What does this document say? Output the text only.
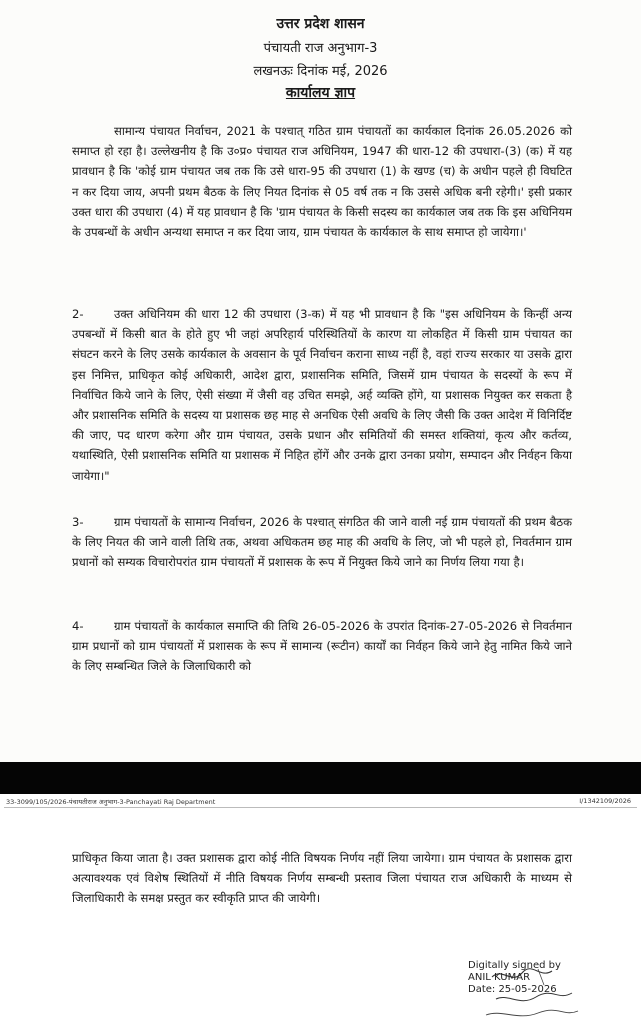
उत्तर प्रदेश शासन
पंचायती राज अनुभाग-3
लखनऊः दिनांक मई, 2026
कार्यालय ज्ञाप
सामान्य पंचायत निर्वाचन, 2021 के पश्चात् गठित ग्राम पंचायतों का कार्यकाल दिनांक 26.05.2026 को समाप्त हो रहा है। उल्लेखनीय है कि उ०प्र० पंचायत राज अधिनियम, 1947 की धारा-12 की उपधारा-(3) (क) में यह प्रावधान है कि 'कोई ग्राम पंचायत जब तक कि उसे धारा-95 की उपधारा (1) के खण्ड (च) के अधीन पहले ही विघटित न कर दिया जाय, अपनी प्रथम बैठक के लिए नियत दिनांक से 05 वर्ष तक न कि उससे अधिक बनी रहेगी।' इसी प्रकार उक्त धारा की उपधारा (4) में यह प्रावधान है कि 'ग्राम पंचायत के किसी सदस्य का कार्यकाल जब तक कि इस अधिनियम के उपबन्धों के अधीन अन्यथा समाप्त न कर दिया जाय, ग्राम पंचायत के कार्यकाल के साथ समाप्त हो जायेगा।'
2-	उक्त अधिनियम की धारा 12 की उपधारा (3-क) में यह भी प्रावधान है कि "इस अधिनियम के किन्हीं अन्य उपबन्धों में किसी बात के होते हुए भी जहां अपरिहार्य परिस्थितियों के कारण या लोकहित में किसी ग्राम पंचायत का संघटन करने के लिए उसके कार्यकाल के अवसान के पूर्व निर्वाचन कराना साध्य नहीं है, वहां राज्य सरकार या उसके द्वारा इस निमित्त, प्राधिकृत कोई अधिकारी, आदेश द्वारा, प्रशासनिक समिति, जिसमें ग्राम पंचायत के सदस्यों के रूप में निर्वाचित किये जाने के लिए, ऐसी संख्या में जैसी वह उचित समझे, अर्ह व्यक्ति होंगे, या प्रशासक नियुक्त कर सकता है और प्रशासनिक समिति के सदस्य या प्रशासक छह माह से अनधिक ऐसी अवधि के लिए जैसी कि उक्त आदेश में विनिर्दिष्ट की जाए, पद धारण करेगा और ग्राम पंचायत, उसके प्रधान और समितियों की समस्त शक्तियां, कृत्य और कर्तव्य, यथास्थिति, ऐसी प्रशासनिक समिति या प्रशासक में निहित होंगें और उनके द्वारा उनका प्रयोग, सम्पादन और निर्वहन किया जायेगा।"
3-	ग्राम पंचायतों के सामान्य निर्वाचन, 2026 के पश्चात् संगठित की जाने वाली नई ग्राम पंचायतों की प्रथम बैठक के लिए नियत की जाने वाली तिथि तक, अथवा अधिकतम छह माह की अवधि के लिए, जो भी पहले हो, निवर्तमान ग्राम प्रधानों को सम्यक विचारोपरांत ग्राम पंचायतों में प्रशासक के रूप में नियुक्त किये जाने का निर्णय लिया गया है।
4-	ग्राम पंचायतों के कार्यकाल समाप्ति की तिथि 26-05-2026 के उपरांत दिनांक-27-05-2026 से निवर्तमान ग्राम प्रधानों को ग्राम पंचायतों में प्रशासक के रूप में सामान्य (रूटीन) कार्यों का निर्वहन किये जाने हेतु नामित किये जाने के लिए सम्बन्धित जिले के जिलाधिकारी को
33-3099/105/2026-पंचायतीराज अनुभाग-3-Panchayati Raj Department	I/1342109/2026
प्राधिकृत किया जाता है। उक्त प्रशासक द्वारा कोई नीति विषयक निर्णय नहीं लिया जायेगा। ग्राम पंचायत के प्रशासक द्वारा अत्यावश्यक एवं विशेष स्थितियों में नीति विषयक निर्णय सम्बन्धी प्रस्ताव जिला पंचायत राज अधिकारी के माध्यम से जिलाधिकारी के समक्ष प्रस्तुत कर स्वीकृति प्राप्त की जायेगी।
Digitally signed by
ANIL KUMAR
Date: 25-05-2026
